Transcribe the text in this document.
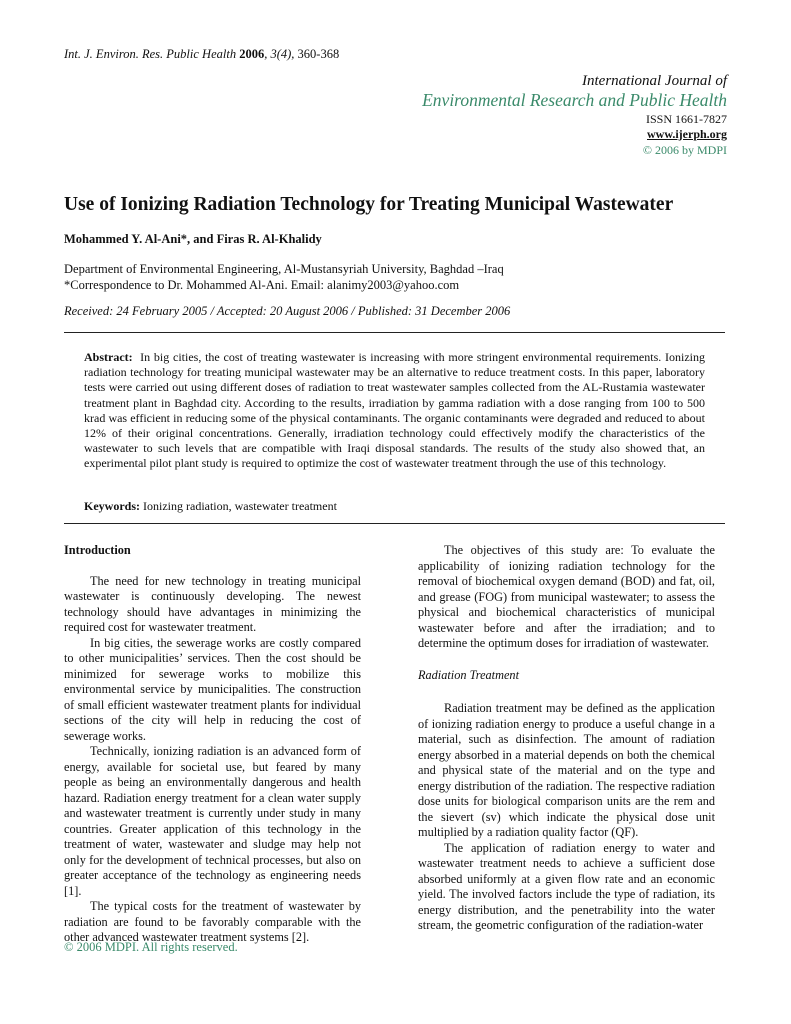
Int. J. Environ. Res. Public Health 2006, 3(4), 360-368
International Journal of
Environmental Research and Public Health
ISSN 1661-7827
www.ijerph.org
© 2006 by MDPI
Use of Ionizing Radiation Technology for Treating Municipal Wastewater
Mohammed Y. Al-Ani*, and Firas R. Al-Khalidy
Department of Environmental Engineering, Al-Mustansyriah University, Baghdad –Iraq
*Correspondence to Dr. Mohammed Al-Ani. Email: alanimy2003@yahoo.com
Received: 24 February 2005 / Accepted: 20 August 2006 / Published: 31 December 2006
Abstract: In big cities, the cost of treating wastewater is increasing with more stringent environmental requirements. Ionizing radiation technology for treating municipal wastewater may be an alternative to reduce treatment costs. In this paper, laboratory tests were carried out using different doses of radiation to treat wastewater samples collected from the AL-Rustamia wastewater treatment plant in Baghdad city. According to the results, irradiation by gamma radiation with a dose ranging from 100 to 500 krad was efficient in reducing some of the physical contaminants. The organic contaminants were degraded and reduced to about 12% of their original concentrations. Generally, irradiation technology could effectively modify the characteristics of the wastewater to such levels that are compatible with Iraqi disposal standards. The results of the study also showed that, an experimental pilot plant study is required to optimize the cost of wastewater treatment through the use of this technology.
Keywords: Ionizing radiation, wastewater treatment

Introduction

The need for new technology in treating municipal wastewater is continuously developing. The newest technology should have advantages in minimizing the required cost for wastewater treatment.

In big cities, the sewerage works are costly compared to other municipalities’ services. Then the cost should be minimized for sewerage works to mobilize this environmental service by municipalities. The construction of small efficient wastewater treatment plants for individual sections of the city will help in reducing the cost of sewerage works.

Technically, ionizing radiation is an advanced form of energy, available for societal use, but feared by many people as being an environmentally dangerous and health hazard. Radiation energy treatment for a clean water supply and wastewater treatment is currently under study in many countries. Greater application of this technology in the treatment of water, wastewater and sludge may help not only for the development of technical processes, but also on greater acceptance of the technology as engineering needs [1].

The typical costs for the treatment of wastewater by radiation are found to be favorably comparable with the other advanced wastewater treatment systems [2].

The objectives of this study are: To evaluate the applicability of ionizing radiation technology for the removal of biochemical oxygen demand (BOD) and fat, oil, and grease (FOG) from municipal wastewater; to assess the physical and biochemical characteristics of municipal wastewater before and after the irradiation; and to determine the optimum doses for irradiation of wastewater.

Radiation Treatment

Radiation treatment may be defined as the application of ionizing radiation energy to produce a useful change in a material, such as disinfection. The amount of radiation energy absorbed in a material depends on both the chemical and physical state of the material and on the type and energy distribution of the radiation. The respective radiation dose units for biological comparison units are the rem and the sievert (sv) which indicate the physical dose unit multiplied by a radiation quality factor (QF).

The application of radiation energy to water and wastewater treatment needs to achieve a sufficient dose absorbed uniformly at a given flow rate and an economic yield. The involved factors include the type of radiation, its energy distribution, and the penetrability into the water stream, the geometric configuration of the radiation-water

© 2006 MDPI. All rights reserved.
